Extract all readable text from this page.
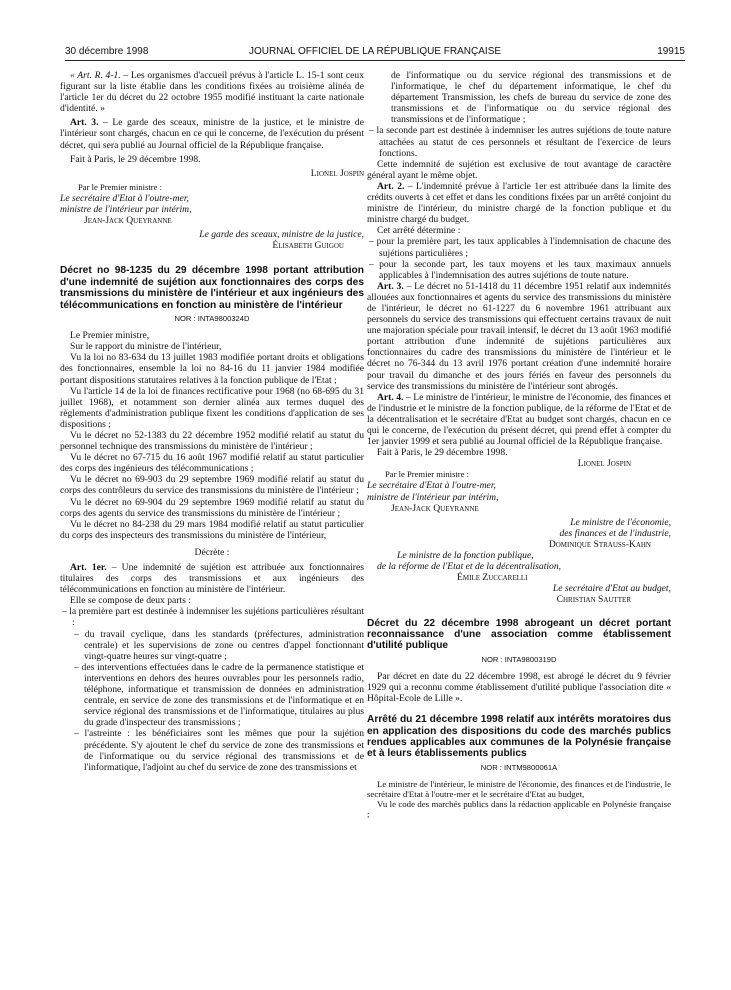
30 décembre 1998	JOURNAL OFFICIEL DE LA RÉPUBLIQUE FRANÇAISE	19915

« Art. R. 4-1. – Les organismes d'accueil prévus à l'article L. 15-1 sont ceux figurant sur la liste établie dans les conditions fixées au troisième alinéa de l'article 1er du décret du 22 octobre 1955 modifié instituant la carte nationale d'identité. »

Art. 3. – Le garde des sceaux, ministre de la justice, et le ministre de l'intérieur sont chargés, chacun en ce qui le concerne, de l'exécution du présent décret, qui sera publié au Journal officiel de la République française.

Fait à Paris, le 29 décembre 1998.

Lionel Jospin

Par le Premier ministre :

Le secrétaire d'Etat à l'outre-mer,

ministre de l'intérieur par intérim,

Jean-Jack Queyranne

Le garde des sceaux, ministre de la justice,

Élisabeth Guigou

Décret no 98-1235 du 29 décembre 1998 portant attribution d'une indemnité de sujétion aux fonctionnaires des corps des transmissions du ministère de l'intérieur et aux ingénieurs des télécommunications en fonction au ministère de l'intérieur
NOR : INTA9800324D

Le Premier ministre,

Sur le rapport du ministre de l'intérieur,

Vu la loi no 83-634 du 13 juillet 1983 modifiée portant droits et obligations des fonctionnaires, ensemble la loi no 84-16 du 11 janvier 1984 modifiée portant dispositions statutaires relatives à la fonction publique de l'Etat ;

Vu l'article 14 de la loi de finances rectificative pour 1968 (no 68-695 du 31 juillet 1968), et notamment son dernier alinéa aux termes duquel des règlements d'administration publique fixent les conditions d'application de ses dispositions ;

Vu le décret no 52-1383 du 22 décembre 1952 modifié relatif au statut du personnel technique des transmissions du ministère de l'intérieur ;

Vu le décret no 67-715 du 16 août 1967 modifié relatif au statut particulier des corps des ingénieurs des télécommunications ;

Vu le décret no 69-903 du 29 septembre 1969 modifié relatif au statut du corps des contrôleurs du service des transmissions du ministère de l'intérieur ;

Vu le décret no 69-904 du 29 septembre 1969 modifié relatif au statut du corps des agents du service des transmissions du ministère de l'intérieur ;

Vu le décret no 84-238 du 29 mars 1984 modifié relatif au statut particulier du corps des inspecteurs des transmissions du ministère de l'intérieur,

Décrète :

Art. 1er. – Une indemnité de sujétion est attribuée aux fonctionnaires titulaires des corps des transmissions et aux ingénieurs des télécommunications en fonction au ministère de l'intérieur.

Elle se compose de deux parts :

– la première part est destinée à indemniser les sujétions particulières résultant :

– du travail cyclique, dans les standards (préfectures, administration centrale) et les supervisions de zone ou centres d'appel fonctionnant vingt-quatre heures sur vingt-quatre ;

– des interventions effectuées dans le cadre de la permanence statistique et interventions en dehors des heures ouvrables pour les personnels radio, téléphone, informatique et transmission de données en administration centrale, en service de zone des transmissions et de l'informatique et en service régional des transmissions et de l'informatique, titulaires au plus du grade d'inspecteur des transmissions ;

– l'astreinte : les bénéficiaires sont les mêmes que pour la sujétion précédente. S'y ajoutent le chef du service de zone des transmissions et de l'informatique ou du service régional des transmissions et de l'informatique, l'adjoint au chef du service de zone des transmissions et

de l'informatique ou du service régional des transmissions et de l'informatique, le chef du département informatique, le chef du département Transmission, les chefs de bureau du service de zone des transmissions et de l'informatique ou du service régional des transmissions et de l'informatique ;

– la seconde part est destinée à indemniser les autres sujétions de toute nature attachées au statut de ces personnels et résultant de l'exercice de leurs fonctions.

Cette indemnité de sujétion est exclusive de tout avantage de caractère général ayant le même objet.

Art. 2. – L'indemnité prévue à l'article 1er est attribuée dans la limite des crédits ouverts à cet effet et dans les conditions fixées par un arrêté conjoint du ministre de l'intérieur, du ministre chargé de la fonction publique et du ministre chargé du budget.

Cet arrêté détermine :

– pour la première part, les taux applicables à l'indemnisation de chacune des sujétions particulières ;

– pour la seconde part, les taux moyens et les taux maximaux annuels applicables à l'indemnisation des autres sujétions de toute nature.

Art. 3. – Le décret no 51-1418 du 11 décembre 1951 relatif aux indemnités allouées aux fonctionnaires et agents du service des transmissions du ministère de l'intérieur, le décret no 61-1227 du 6 novembre 1961 attribuant aux personnels du service des transmissions qui effectuent certains travaux de nuit une majoration spéciale pour travail intensif, le décret du 13 août 1963 modifié portant attribution d'une indemnité de sujétions particulières aux fonctionnaires du cadre des transmissions du ministère de l'intérieur et le décret no 76-344 du 13 avril 1976 portant création d'une indemnité horaire pour travail du dimanche et des jours fériés en faveur des personnels du service des transmissions du ministère de l'intérieur sont abrogés.

Art. 4. – Le ministre de l'intérieur, le ministre de l'économie, des finances et de l'industrie et le ministre de la fonction publique, de la réforme de l'Etat et de la décentralisation et le secrétaire d'Etat au budget sont chargés, chacun en ce qui le concerne, de l'exécution du présent décret, qui prend effet à compter du 1er janvier 1999 et sera publié au Journal officiel de la République française.

Fait à Paris, le 29 décembre 1998.

Lionel Jospin

Par le Premier ministre :

Le secrétaire d'Etat à l'outre-mer,

ministre de l'intérieur par intérim,

Jean-Jack Queyranne

Le ministre de l'économie,

des finances et de l'industrie,

Dominique Strauss-Kahn

Le ministre de la fonction publique,

de la réforme de l'Etat et de la décentralisation,

Émile Zuccarelli

Le secrétaire d'Etat au budget,

Christian Sautter

Décret du 22 décembre 1998 abrogeant un décret portant reconnaissance d'une association comme établissement d'utilité publique
NOR : INTA9800319D

Par décret en date du 22 décembre 1998, est abrogé le décret du 9 février 1929 qui a reconnu comme établissement d'utilité publique l'association dite « Hôpital-Ecole de Lille ».

Arrêté du 21 décembre 1998 relatif aux intérêts moratoires dus en application des dispositions du code des marchés publics rendues applicables aux communes de la Polynésie française et à leurs établissements publics
NOR : INTM9800061A

Le ministre de l'intérieur, le ministre de l'économie, des finances et de l'industrie, le secrétaire d'Etat à l'outre-mer et le secrétaire d'Etat au budget,

Vu le code des marchés publics dans la rédaction applicable en Polynésie française ;
